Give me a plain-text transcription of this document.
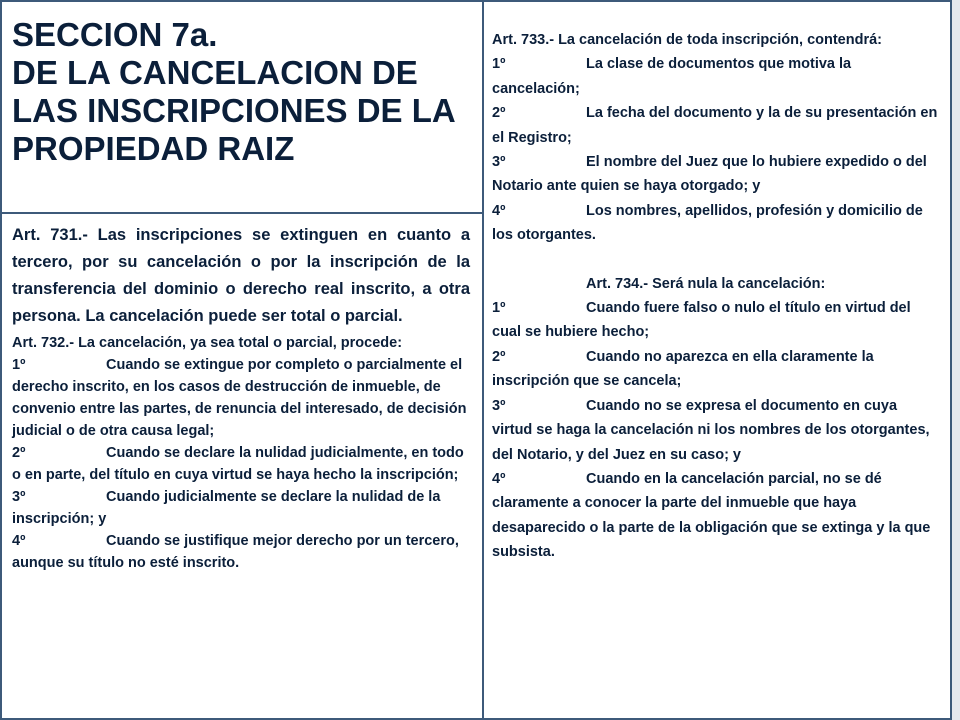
SECCION 7a.
DE LA CANCELACION DE
LAS INSCRIPCIONES DE LA
PROPIEDAD RAIZ

Art. 731.- Las inscripciones se extinguen en cuanto a tercero, por su cancelación o por la inscripción de la transferencia del dominio o derecho real inscrito, a otra persona. La cancelación puede ser total o parcial.

Art. 732.- La cancelación, ya sea total o parcial, procede:

1º	Cuando se extingue por completo o parcialmente el derecho inscrito, en los casos de destrucción de inmueble, de convenio entre las partes, de renuncia del interesado, de decisión judicial o de otra causa legal;

2º	Cuando se declare la nulidad judicialmente, en todo o en parte, del título en cuya virtud se haya hecho la inscripción;

3º	Cuando judicialmente se declare la nulidad de la inscripción; y

4º	Cuando se justifique mejor derecho por un tercero, aunque su título no esté inscrito.

Art. 733.- La cancelación de toda inscripción, contendrá:

1º	La clase de documentos que motiva la cancelación;

2º	La fecha del documento y la de su presentación en el Registro;

3º	El nombre del Juez que lo hubiere expedido o del Notario ante quien se haya otorgado; y

4º	Los nombres, apellidos, profesión y domicilio de los otorgantes.

Art. 734.- Será nula la cancelación:

1º	Cuando fuere falso o nulo el título en virtud del cual se hubiere hecho;

2º	Cuando no aparezca en ella claramente la inscripción que se cancela;

3º	Cuando no se expresa el documento en cuya virtud se haga la cancelación ni los nombres de los otorgantes, del Notario, y del Juez en su caso; y

4º	Cuando en la cancelación parcial, no se dé claramente a conocer la parte del inmueble que haya desaparecido o la parte de la obligación que se extinga y la que subsista.
